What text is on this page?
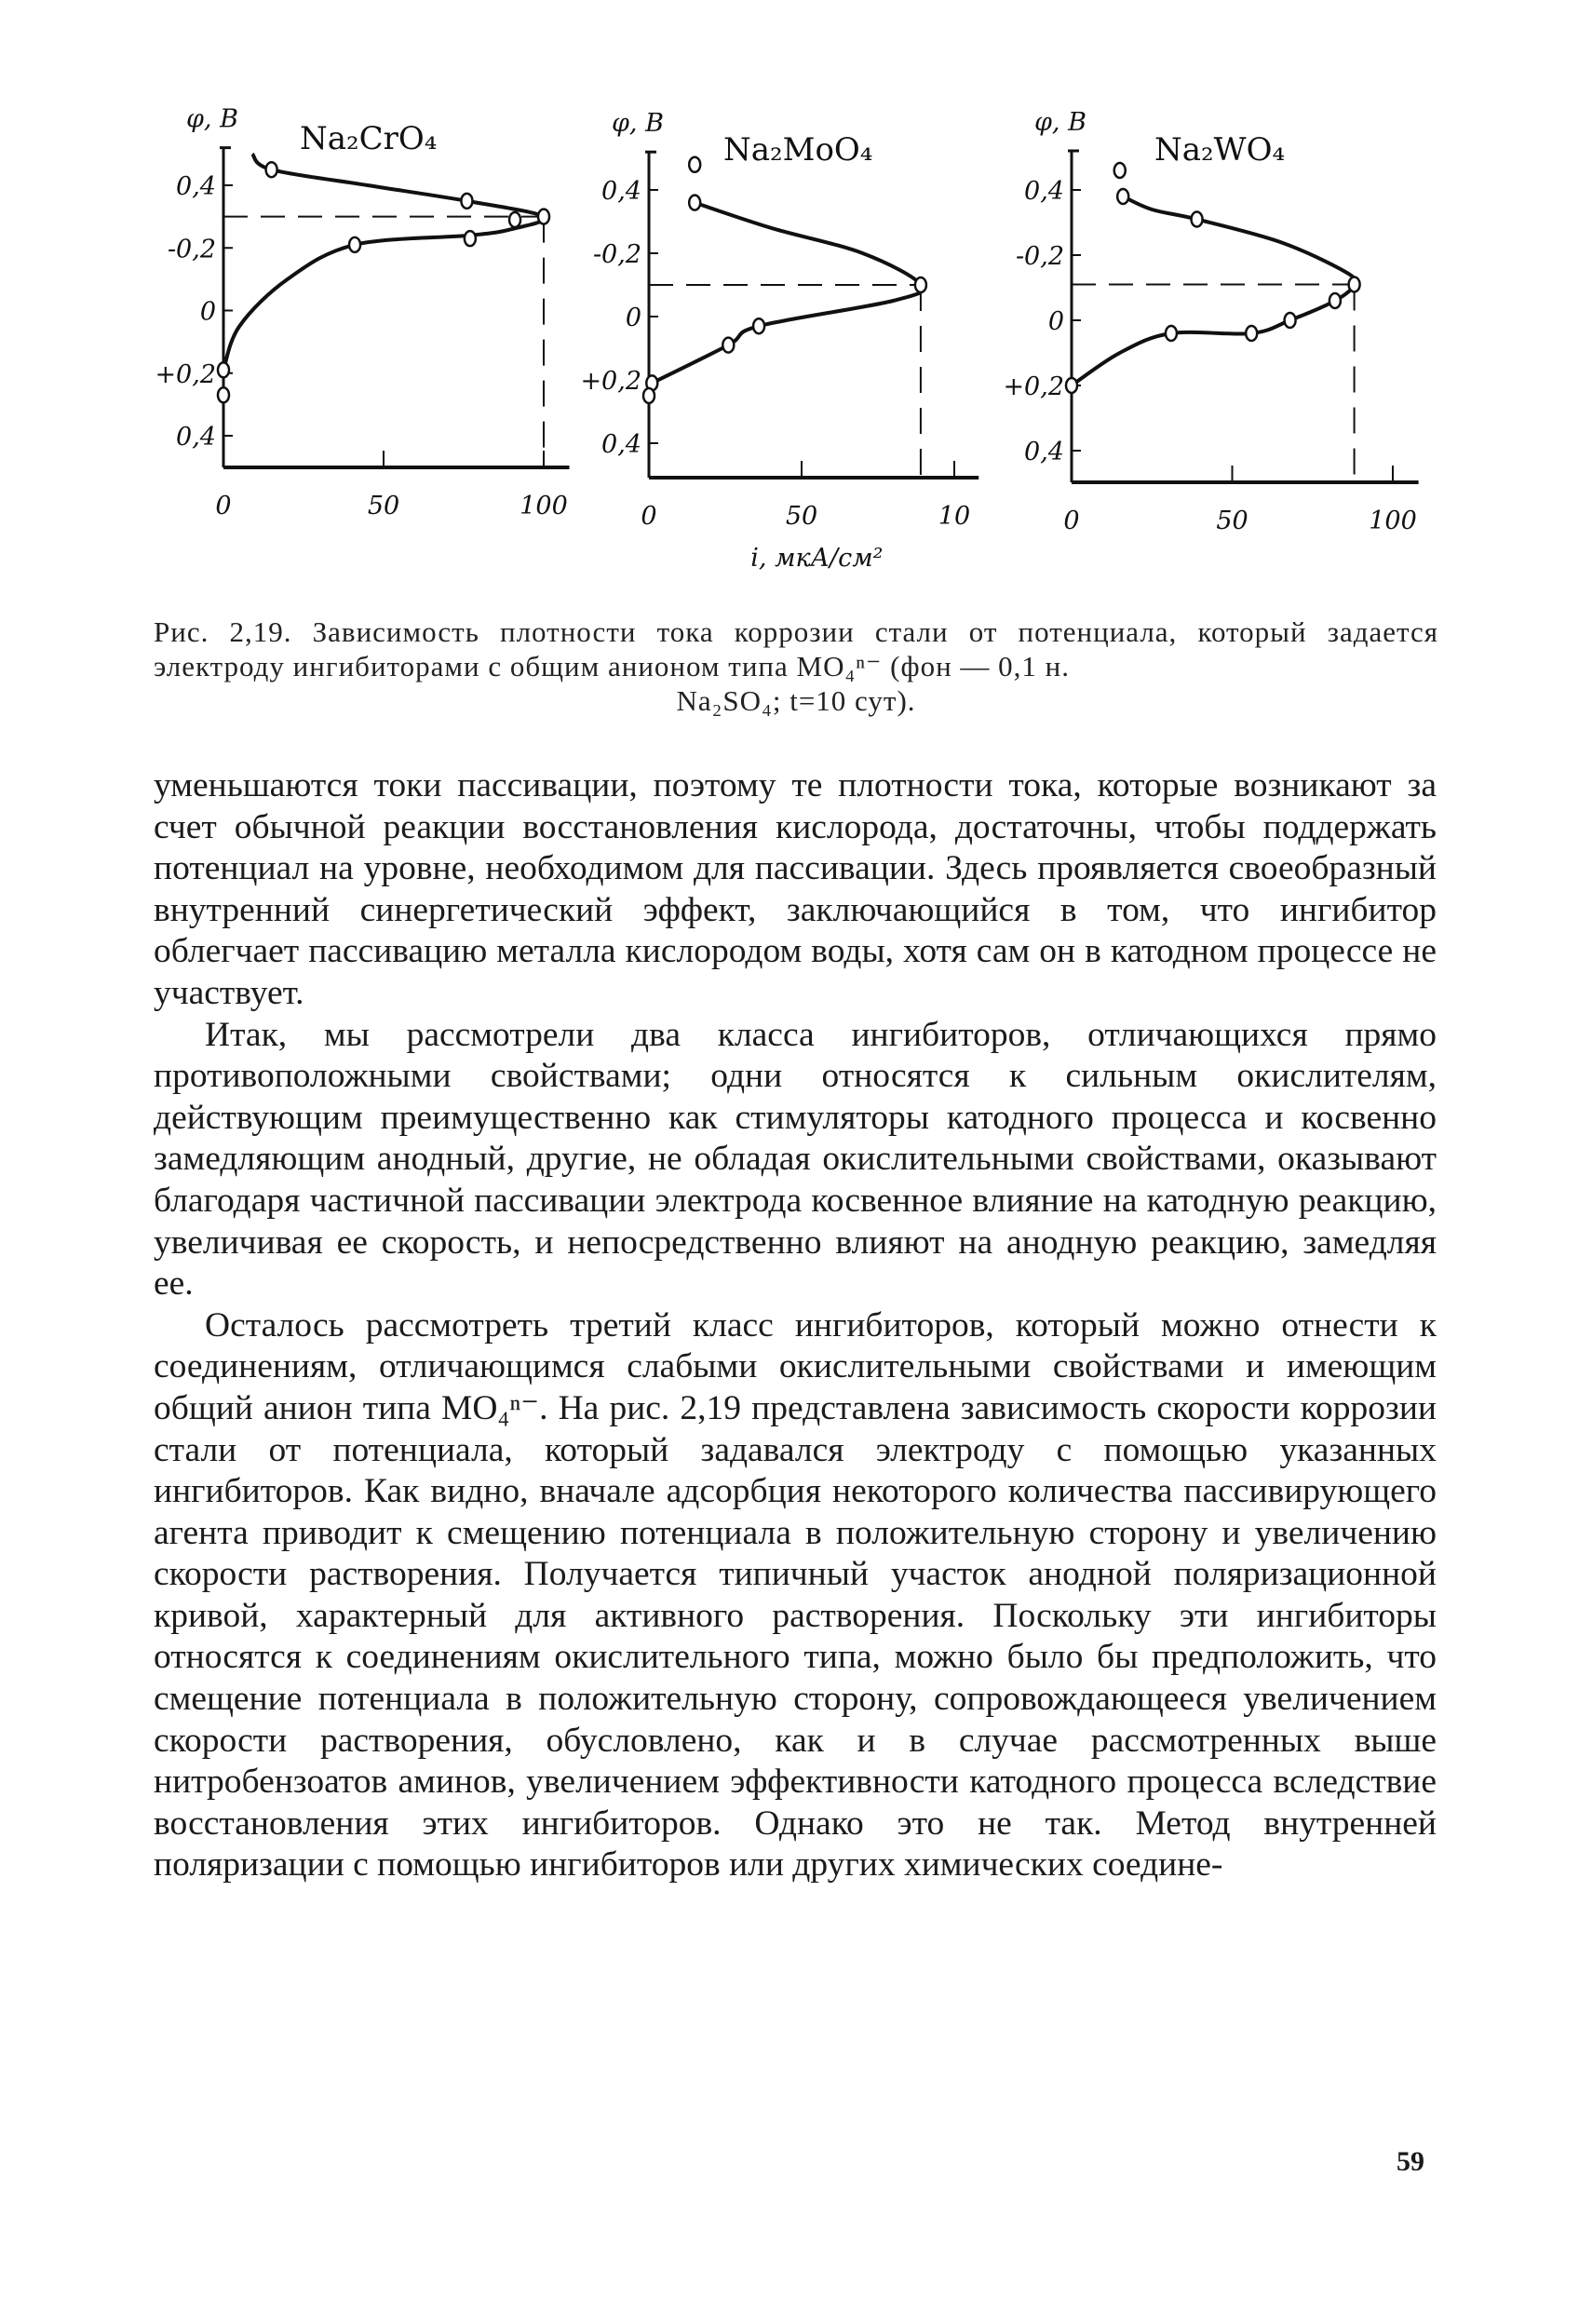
0,4
-0,2
0
+0,2
0,4
0	50	100
φ, В
Na₂CrO₄
0,4
-0,2
0
+0,2
0,4
0	50	10
φ, В
Na₂MoO₄
i, мкА/см²
0,4
-0,2
0
+0,2
0,4
0	50	100
φ, В
Na₂WO₄
Рис. 2,19. Зависимость плотности тока коррозии стали от потенциала, который задается электроду ингибиторами с общим анионом типа MO₄ⁿ⁻ (фон — 0,1 н.
Na₂SO₄; t=10 сут).

уменьшаются токи пассивации, поэтому те плотности тока, которые возникают за счет обычной реакции восстановления кислорода, достаточны, чтобы поддержать потенциал на уровне, необходимом для пассивации. Здесь проявляется своеобразный внутренний синергетический эффект, заключающийся в том, что ингибитор облегчает пассивацию металла кислородом воды, хотя сам он в катодном процессе не участвует.

Итак, мы рассмотрели два класса ингибиторов, отличающихся прямо противоположными свойствами; одни относятся к сильным окислителям, действующим преимущественно как стимуляторы катодного процесса и косвенно замедляющим анодный, другие, не обладая окислительными свойствами, оказывают благодаря частичной пассивации электрода косвенное влияние на катодную реакцию, увеличивая ее скорость, и непосредственно влияют на анодную реакцию, замедляя ее.

Осталось рассмотреть третий класс ингибиторов, который можно отнести к соединениям, отличающимся слабыми окислительными свойствами и имеющим общий анион типа MO₄ⁿ⁻. На рис. 2,19 представлена зависимость скорости коррозии стали от потенциала, который задавался электроду с помощью указанных ингибиторов. Как видно, вначале адсорбция некоторого количества пассивирующего агента приводит к смещению потенциала в положительную сторону и увеличению скорости растворения. Получается типичный участок анодной поляризационной кривой, характерный для активного растворения. Поскольку эти ингибиторы относятся к соединениям окислительного типа, можно было бы предположить, что смещение потенциала в положительную сторону, сопровождающееся увеличением скорости растворения, обусловлено, как и в случае рассмотренных выше нитробензоатов аминов, увеличением эффективности катодного процесса вследствие восстановления этих ингибиторов. Однако это не так. Метод внутренней поляризации с помощью ингибиторов или других химических соедине-

59
